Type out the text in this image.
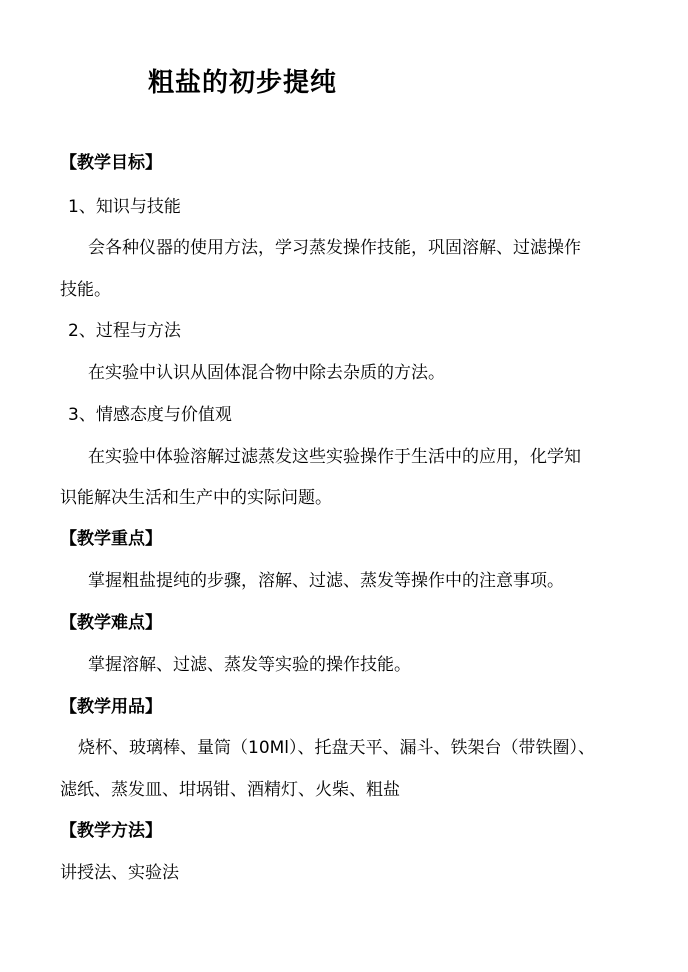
粗盐的初步提纯
【教学目标】
1、知识与技能
会各种仪器的使用方法，学习蒸发操作技能，巩固溶解、过滤操作
技能。
2、过程与方法
在实验中认识从固体混合物中除去杂质的方法。
3、情感态度与价值观
在实验中体验溶解过滤蒸发这些实验操作于生活中的应用，化学知
识能解决生活和生产中的实际问题。
【教学重点】
掌握粗盐提纯的步骤，溶解、过滤、蒸发等操作中的注意事项。
【教学难点】
掌握溶解、过滤、蒸发等实验的操作技能。
【教学用品】
烧杯、玻璃棒、量筒（10Ml）、托盘天平、漏斗、铁架台（带铁圈）、
滤纸、蒸发皿、坩埚钳、酒精灯、火柴、粗盐
【教学方法】
讲授法、实验法
